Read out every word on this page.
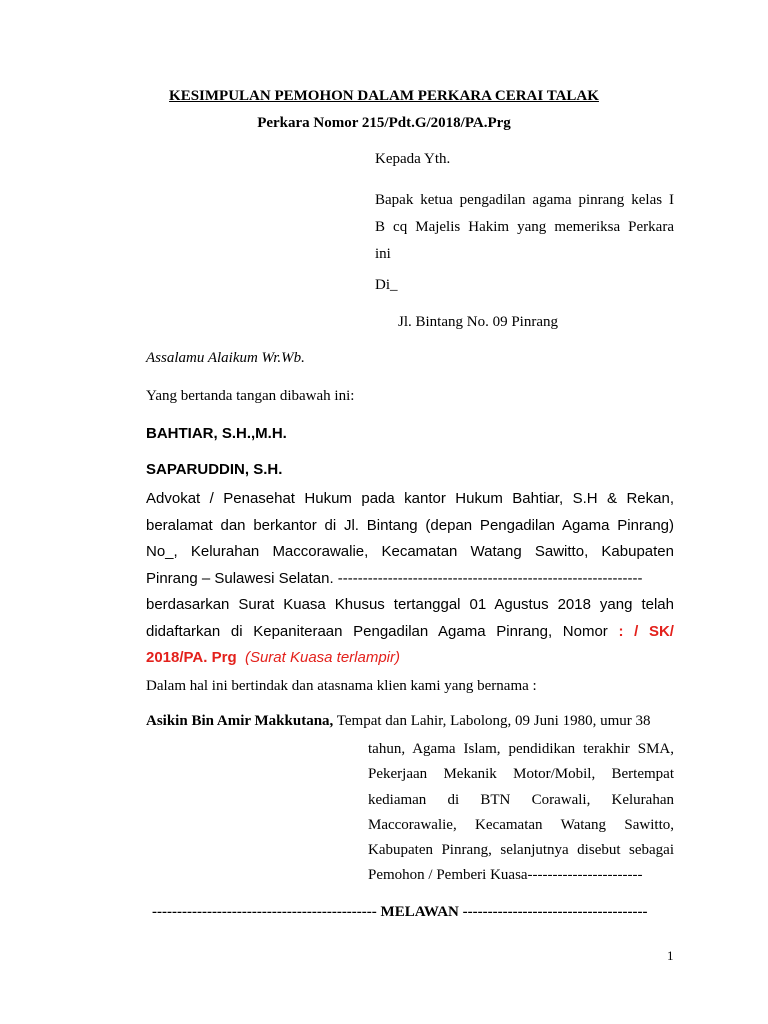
KESIMPULAN PEMOHON DALAM PERKARA CERAI TALAK
Perkara Nomor 215/Pdt.G/2018/PA.Prg
Kepada Yth.
Bapak ketua pengadilan agama pinrang kelas I
B cq Majelis Hakim yang memeriksa Perkara
ini
Di_
Jl. Bintang No. 09 Pinrang
Assalamu Alaikum Wr.Wb.
Yang bertanda tangan dibawah ini:
BAHTIAR, S.H.,M.H.
SAPARUDDIN, S.H.
Advokat / Penasehat Hukum pada kantor Hukum Bahtiar, S.H & Rekan,
beralamat dan berkantor di Jl. Bintang (depan Pengadilan Agama Pinrang)
No_, Kelurahan Maccorawalie, Kecamatan Watang Sawitto, Kabupaten
Pinrang – Sulawesi Selatan. -------------------------------------------------------------
berdasarkan Surat Kuasa Khusus tertanggal 01 Agustus 2018 yang telah
didaftarkan di Kepaniteraan Pengadilan Agama Pinrang, Nomor : / SK/
2018/PA. Prg (Surat Kuasa terlampir)
Dalam hal ini bertindak dan atasnama klien kami yang bernama :
Asikin Bin Amir Makkutana, Tempat dan Lahir, Labolong, 09 Juni 1980, umur 38
tahun, Agama Islam, pendidikan terakhir SMA,
Pekerjaan Mekanik Motor/Mobil, Bertempat
kediaman di BTN Corawali, Kelurahan
Maccorawalie, Kecamatan Watang Sawitto,
Kabupaten Pinrang, selanjutnya disebut sebagai
Pemohon / Pemberi Kuasa-----------------------
--------------------------------------------- MELAWAN -------------------------------------
1
